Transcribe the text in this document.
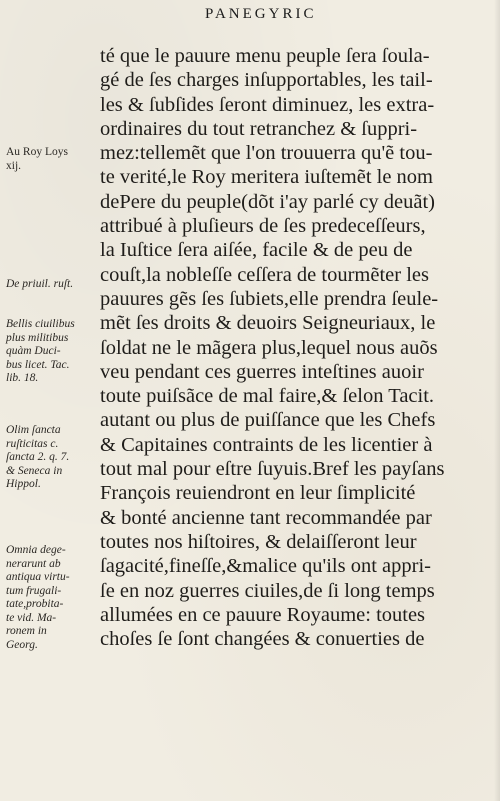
PANEGYRIC
té que le pauure menu peuple ſera ſoula-
gé de ſes charges inſupportables, les tail-
les & ſubſides ſeront diminuez, les extra-
ordinaires du tout retranchez & ſuppri-
mez:tellemẽt que l'on trouuerra qu'ẽ tou-
te verité,le Roy meritera iuſtemẽt le nom
dePere du peuple(dõt i'ay parlé cy deuãt)
attribué à pluſieurs de ſes predeceſſeurs,
la Iuſtice ſera aiſée, facile & de peu de
couſt,la nobleſſe ceſſera de tourmẽter les
pauures gẽs ſes ſubiets,elle prendra ſeule-
mẽt ſes droits & deuoirs Seigneuriaux, le
ſoldat ne le mãgera plus,lequel nous auõs
veu pendant ces guerres inteſtines auoir
toute puiſsãce de mal faire,& ſelon Tacit.
autant ou plus de puiſſance que les Chefs
& Capitaines contraints de les licentier à
tout mal pour eſtre ſuyuis.Bref les payſans
François reuiendront en leur ſimplicité
& bonté ancienne tant recommandée par
toutes nos hiſtoires, & delaiſſeront leur
ſagacité,fineſſe,&malice qu'ils ont appri-
ſe en noz guerres ciuiles,de ſi long temps
allumées en ce pauure Royaume: toutes
choſes ſe ſont changées & conuerties de
Au Roy Loys
xij.
De priuil. ruſt.
Bellis ciuilibus
plus militibus
quàm Duci-
bus licet. Tac.
lib. 18.
Olim ſancta
ruſticitas c.
ſancta 2. q. 7.
& Seneca in
Hippol.
Omnia dege-
nerarunt ab
antiqua virtu-
tum frugali-
tate,probita-
te vid. Ma-
ronem in
Georg.
